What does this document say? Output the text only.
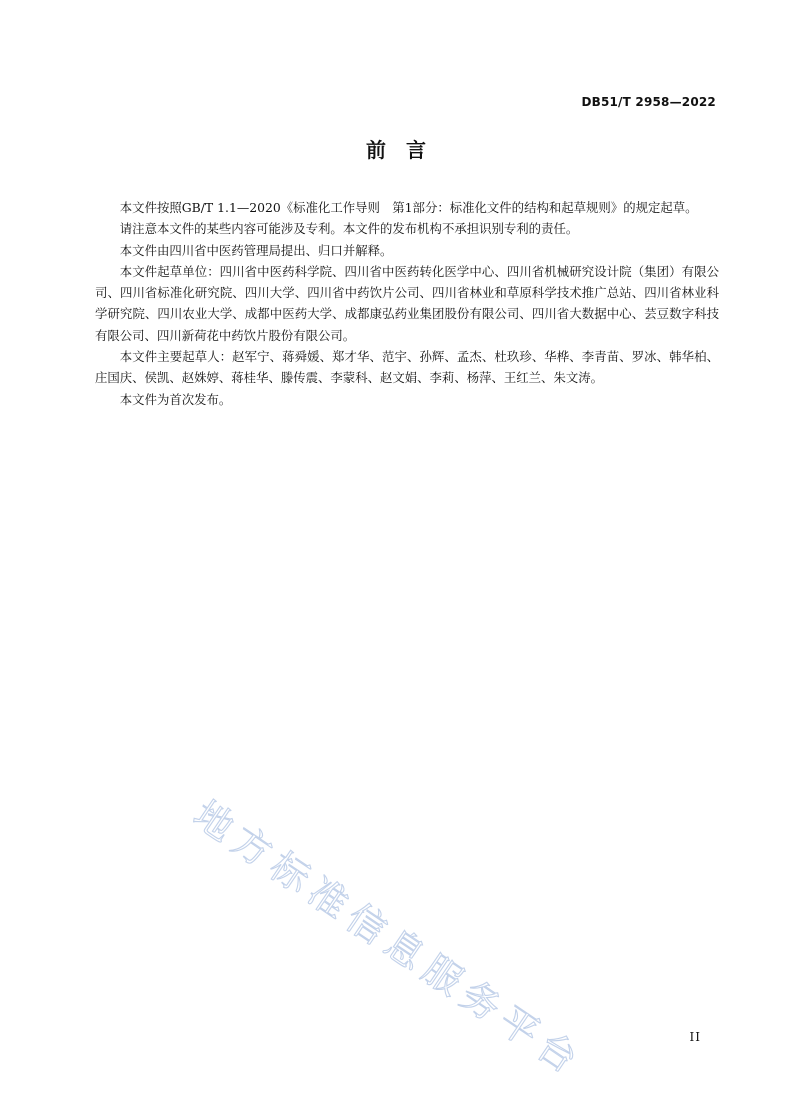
DB51/T 2958—2022
前　言

本文件按照GB/T 1.1—2020《标准化工作导则　第1部分：标准化文件的结构和起草规则》的规定起草。

请注意本文件的某些内容可能涉及专利。本文件的发布机构不承担识别专利的责任。

本文件由四川省中医药管理局提出、归口并解释。

本文件起草单位：四川省中医药科学院、四川省中医药转化医学中心、四川省机械研究设计院（集团）有限公司、四川省标准化研究院、四川大学、四川省中药饮片公司、四川省林业和草原科学技术推广总站、四川省林业科学研究院、四川农业大学、成都中医药大学、成都康弘药业集团股份有限公司、四川省大数据中心、芸豆数字科技有限公司、四川新荷花中药饮片股份有限公司。

本文件主要起草人：赵军宁、蒋舜媛、郑才华、范宇、孙辉、孟杰、杜玖珍、华桦、李青苗、罗冰、韩华柏、庄国庆、侯凯、赵姝婷、蒋桂华、滕传震、李蒙科、赵文娟、李莉、杨萍、王红兰、朱文涛。

本文件为首次发布。

地方标准信息服务平台	II
